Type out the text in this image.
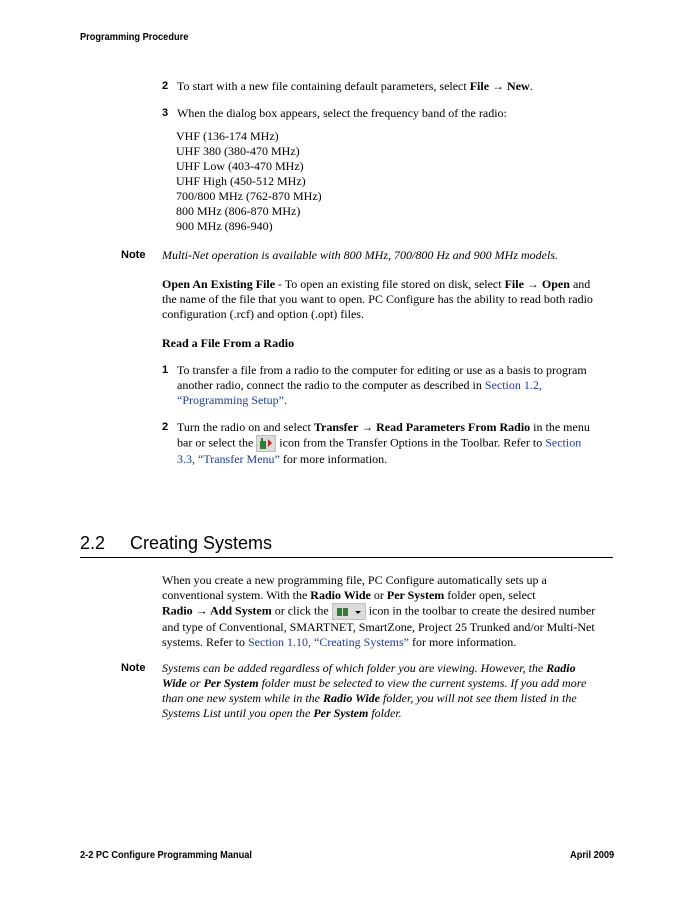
Programming Procedure
2 To start with a new file containing default parameters, select File → New.
3 When the dialog box appears, select the frequency band of the radio:
VHF (136-174 MHz)
UHF 380 (380-470 MHz)
UHF Low (403-470 MHz)
UHF High (450-512 MHz)
700/800 MHz (762-870 MHz)
800 MHz (806-870 MHz)
900 MHz (896-940)
Note Multi-Net operation is available with 800 MHz, 700/800 Hz and 900 MHz models.
Open An Existing File - To open an existing file stored on disk, select File → Open and
the name of the file that you want to open. PC Configure has the ability to read both radio
configuration (.rcf) and option (.opt) files.
Read a File From a Radio
1 To transfer a file from a radio to the computer for editing or use as a basis to program
another radio, connect the radio to the computer as described in Section 1.2,
“Programming Setup”.
2 Turn the radio on and select Transfer → Read Parameters From Radio in the menu
bar or select the  icon from the Transfer Options in the Toolbar. Refer to Section
3.3, “Transfer Menu” for more information.
2.2 Creating Systems
When you create a new programming file, PC Configure automatically sets up a
conventional system. With the Radio Wide or Per System folder open, select
Radio → Add System or click the	icon in the toolbar to create the desired number
and type of Conventional, SMARTNET, SmartZone, Project 25 Trunked and/or Multi-Net
systems. Refer to Section 1.10, “Creating Systems” for more information.
Note Systems can be added regardless of which folder you are viewing. However, the Radio
Wide or Per System folder must be selected to view the current systems. If you add more
than one new system while in the Radio Wide folder, you will not see them listed in the
Systems List until you open the Per System folder.
2-2 PC Configure Programming Manual	April 2009
